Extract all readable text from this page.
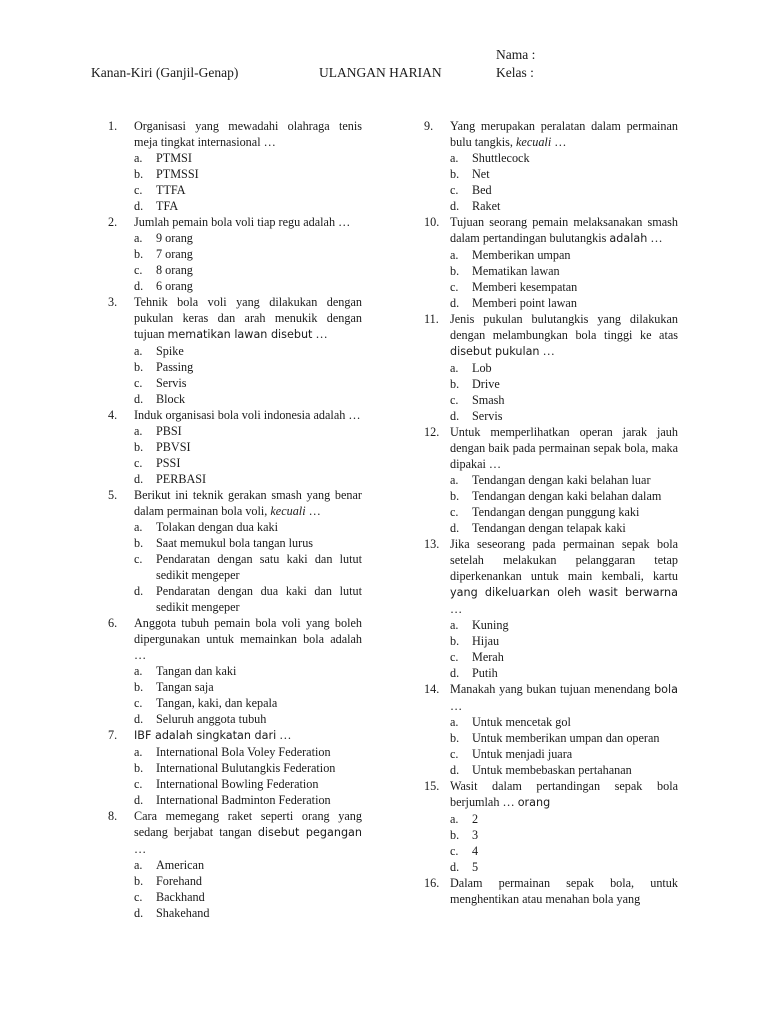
Nama :
Kanan-Kiri (Ganjil-Genap)	ULANGAN HARIAN	Kelas :
1. Organisasi yang mewadahi olahraga tenis meja tingkat internasional …
a. PTMSI
b. PTMSSI
c. TTFA
d. TFA
2. Jumlah pemain bola voli tiap regu adalah …
a. 9 orang
b. 7 orang
c. 8 orang
d. 6 orang
3. Tehnik bola voli yang dilakukan dengan pukulan keras dan arah menukik dengan tujuan mematikan lawan disebut …
a. Spike
b. Passing
c. Servis
d. Block
4. Induk organisasi bola voli indonesia adalah …
a. PBSI
b. PBVSI
c. PSSI
d. PERBASI
5. Berikut ini teknik gerakan smash yang benar dalam permainan bola voli, kecuali …
a. Tolakan dengan dua kaki
b. Saat memukul bola tangan lurus
c. Pendaratan dengan satu kaki dan lutut sedikit mengeper
d. Pendaratan dengan dua kaki dan lutut sedikit mengeper
6. Anggota tubuh pemain bola voli yang boleh dipergunakan untuk memainkan bola adalah …
a. Tangan dan kaki
b. Tangan saja
c. Tangan, kaki, dan kepala
d. Seluruh anggota tubuh
7. IBF adalah singkatan dari …
a. International Bola Voley Federation
b. International Bulutangkis Federation
c. International Bowling Federation
d. International Badminton Federation
8. Cara memegang raket seperti orang yang sedang berjabat tangan disebut pegangan …
a. American
b. Forehand
c. Backhand
d. Shakehand
9. Yang merupakan peralatan dalam permainan bulu tangkis, kecuali …
a. Shuttlecock
b. Net
c. Bed
d. Raket
10. Tujuan seorang pemain melaksanakan smash dalam pertandingan bulutangkis adalah …
a. Memberikan umpan
b. Mematikan lawan
c. Memberi kesempatan
d. Memberi point lawan
11. Jenis pukulan bulutangkis yang dilakukan dengan melambungkan bola tinggi ke atas disebut pukulan …
a. Lob
b. Drive
c. Smash
d. Servis
12. Untuk memperlihatkan operan jarak jauh dengan baik pada permainan sepak bola, maka dipakai …
a. Tendangan dengan kaki belahan luar
b. Tendangan dengan kaki belahan dalam
c. Tendangan dengan punggung kaki
d. Tendangan dengan telapak kaki
13. Jika seseorang pada permainan sepak bola setelah melakukan pelanggaran tetap diperkenankan untuk main kembali, kartu yang dikeluarkan oleh wasit berwarna …
a. Kuning
b. Hijau
c. Merah
d. Putih
14. Manakah yang bukan tujuan menendang bola …
a. Untuk mencetak gol
b. Untuk memberikan umpan dan operan
c. Untuk menjadi juara
d. Untuk membebaskan pertahanan
15. Wasit dalam pertandingan sepak bola berjumlah … orang
a. 2
b. 3
c. 4
d. 5
16. Dalam permainan sepak bola, untuk menghentikan atau menahan bola yang
